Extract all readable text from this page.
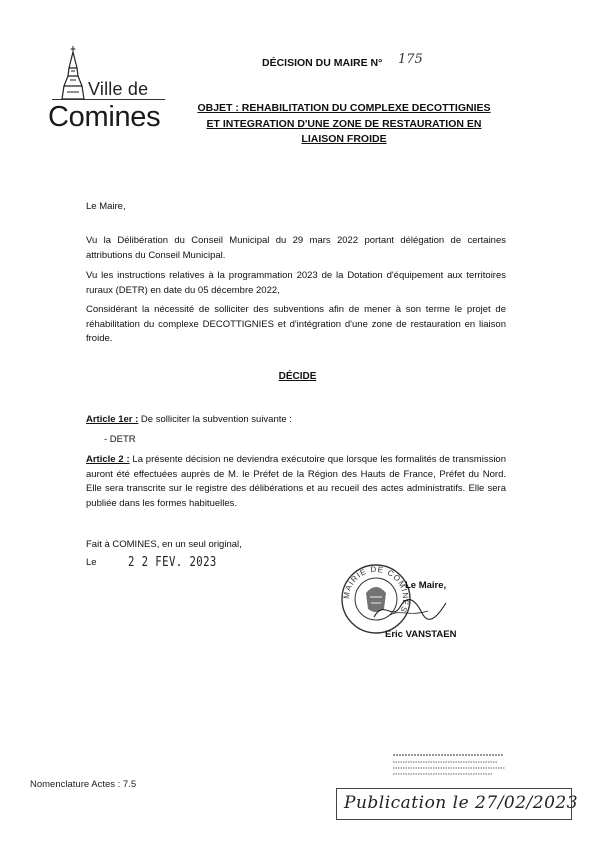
Ville de
Comines
DÉCISION DU MAIRE N° 175
OBJET : REHABILITATION DU COMPLEXE DECOTTIGNIES
ET INTEGRATION D'UNE ZONE DE RESTAURATION EN
LIAISON FROIDE

Le Maire,

Vu la Délibération du Conseil Municipal du 29 mars 2022 portant délégation de certaines attributions du Conseil Municipal.

Vu les instructions relatives à la programmation 2023 de la Dotation d'équipement aux territoires ruraux (DETR) en date du 05 décembre 2022,

Considérant la nécessité de solliciter des subventions afin de mener à son terme le projet de réhabilitation du complexe DECOTTIGNIES et d'intégration d'une zone de restauration en liaison froide.

DÉCIDE

Article 1er : De solliciter la subvention suivante :

- DETR

Article 2 : La présente décision ne deviendra exécutoire que lorsque les formalités de transmission auront été effectuées auprès de M. le Préfet de la Région des Hauts de France, Préfet du Nord. Elle sera transcrite sur le registre des délibérations et au recueil des actes administratifs. Elle sera publiée dans les formes habituelles.

Fait à COMINES, en un seul original,

Le	2 2 FEV. 2023
MAIRIE DE COMINES
Le Maire,
Eric VANSTAEN
Nomenclature Actes : 7.5
Publication le 27/02/2023
